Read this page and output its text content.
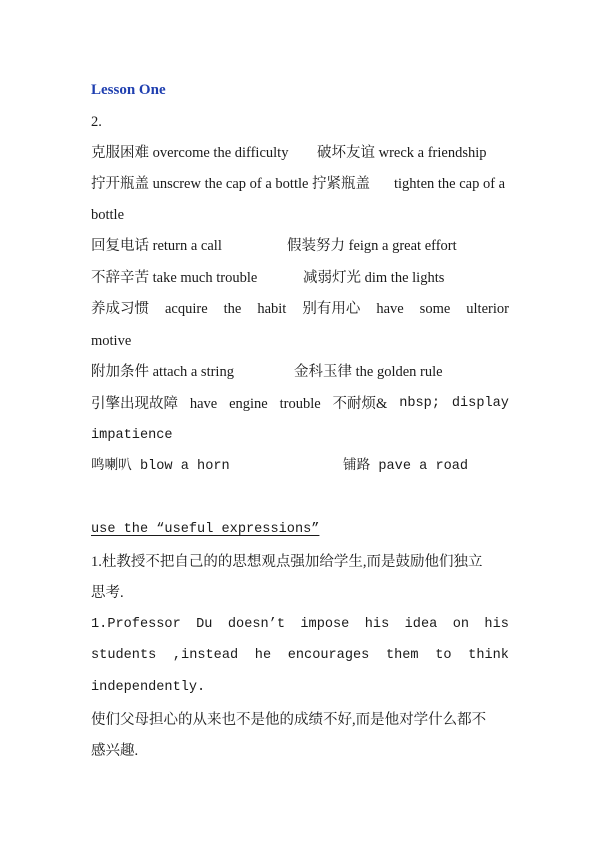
Lesson One
2.
克服困难 overcome the difficulty 破坏友谊 wreck a friendship
拧开瓶盖 unscrew the cap of a bottle 拧紧瓶盖 tighten the cap of a
bottle
回复电话 return a call	假装努力 feign a great effort
不辞辛苦 take much trouble	减弱灯光 dim the lights
养成习惯 acquire the habit 别有用心 have some ulterior
motive
附加条件 attach a string	金科玉律 the golden rule
引擎出现故障 have engine trouble 不耐烦& nbsp; display
impatience
鸣喇叭 blow a horn	铺路 pave a road
use the “useful expressions”
1.杜教授不把自己的的思想观点强加给学生,而是鼓励他们独立
思考.
1.Professor Du doesn’t impose his idea on his
students ,instead he encourages them to think
independently.
使们父母担心的从来也不是他的成绩不好,而是他对学什么都不
感兴趣.
